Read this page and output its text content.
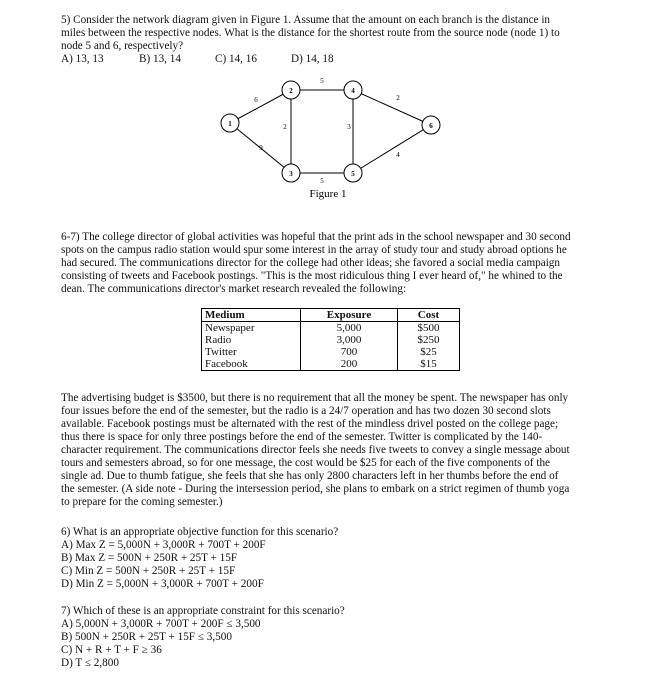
5) Consider the network diagram given in Figure 1. Assume that the amount on each branch is the distance in
miles between the respective nodes. What is the distance for the shortest route from the source node (node 1) to
node 5 and 6, respectively?
A) 13, 13	B) 13, 14	C) 14, 16	D) 14, 18
6
9
5
2
5
3
2
4
1
2
3
4
5
6
Figure 1
6-7) The college director of global activities was hopeful that the print ads in the school newspaper and 30 second
spots on the campus radio station would spur some interest in the array of study tour and study abroad options he
had secured. The communications director for the college had other ideas; she favored a social media campaign
consisting of tweets and Facebook postings. "This is the most ridiculous thing I ever heard of," he whined to the
dean. The communications director's market research revealed the following:
Medium	Exposure	Cost
Newspaper	5,000	$500
Radio	3,000	$250
Twitter	700	$25
Facebook	200	$15
The advertising budget is $3500, but there is no requirement that all the money be spent. The newspaper has only
four issues before the end of the semester, but the radio is a 24/7 operation and has two dozen 30 second slots
available. Facebook postings must be alternated with the rest of the mindless drivel posted on the college page;
thus there is space for only three postings before the end of the semester. Twitter is complicated by the 140-
character requirement. The communications director feels she needs five tweets to convey a single message about
tours and semesters abroad, so for one message, the cost would be $25 for each of the five components of the
single ad. Due to thumb fatigue, she feels that she has only 2800 characters left in her thumbs before the end of
the semester. (A side note - During the intersession period, she plans to embark on a strict regimen of thumb yoga
to prepare for the coming semester.)
6) What is an appropriate objective function for this scenario?
A) Max Z = 5,000N + 3,000R + 700T + 200F
B) Max Z = 500N + 250R + 25T + 15F
C) Min Z = 500N + 250R + 25T + 15F
D) Min Z = 5,000N + 3,000R + 700T + 200F
7) Which of these is an appropriate constraint for this scenario?
A) 5,000N + 3,000R + 700T + 200F ≤ 3,500
B) 500N + 250R + 25T + 15F ≤ 3,500
C) N + R + T + F ≥ 36
D) T ≤ 2,800
